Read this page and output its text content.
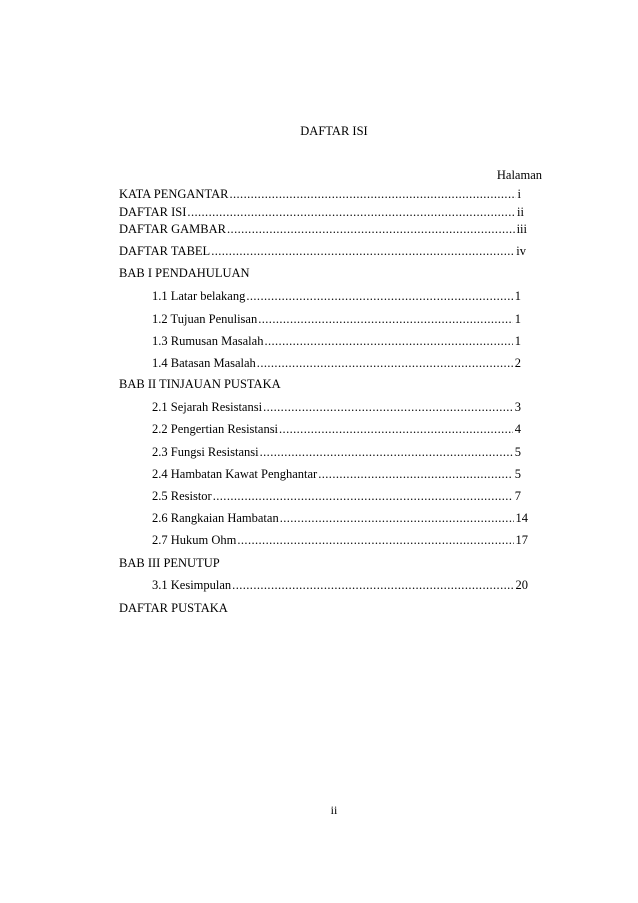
DAFTAR ISI
Halaman
KATA PENGANTAR .....	i
DAFTAR ISI .....	ii
DAFTAR GAMBAR .....	iii
DAFTAR TABEL .....	iv
BAB I PENDAHULUAN
1.1 Latar belakang .....	1
1.2 Tujuan Penulisan .....	1
1.3 Rumusan Masalah .....	1
1.4 Batasan Masalah .....	2
BAB II TINJAUAN PUSTAKA
2.1 Sejarah Resistansi .....	3
2.2 Pengertian Resistansi .....	4
2.3 Fungsi Resistansi .....	5
2.4 Hambatan Kawat Penghantar .....	5
2.5 Resistor .....	7
2.6 Rangkaian Hambatan .....	14
2.7 Hukum Ohm .....	17
BAB III PENUTUP
3.1 Kesimpulan .....	20
DAFTAR PUSTAKA
ii
